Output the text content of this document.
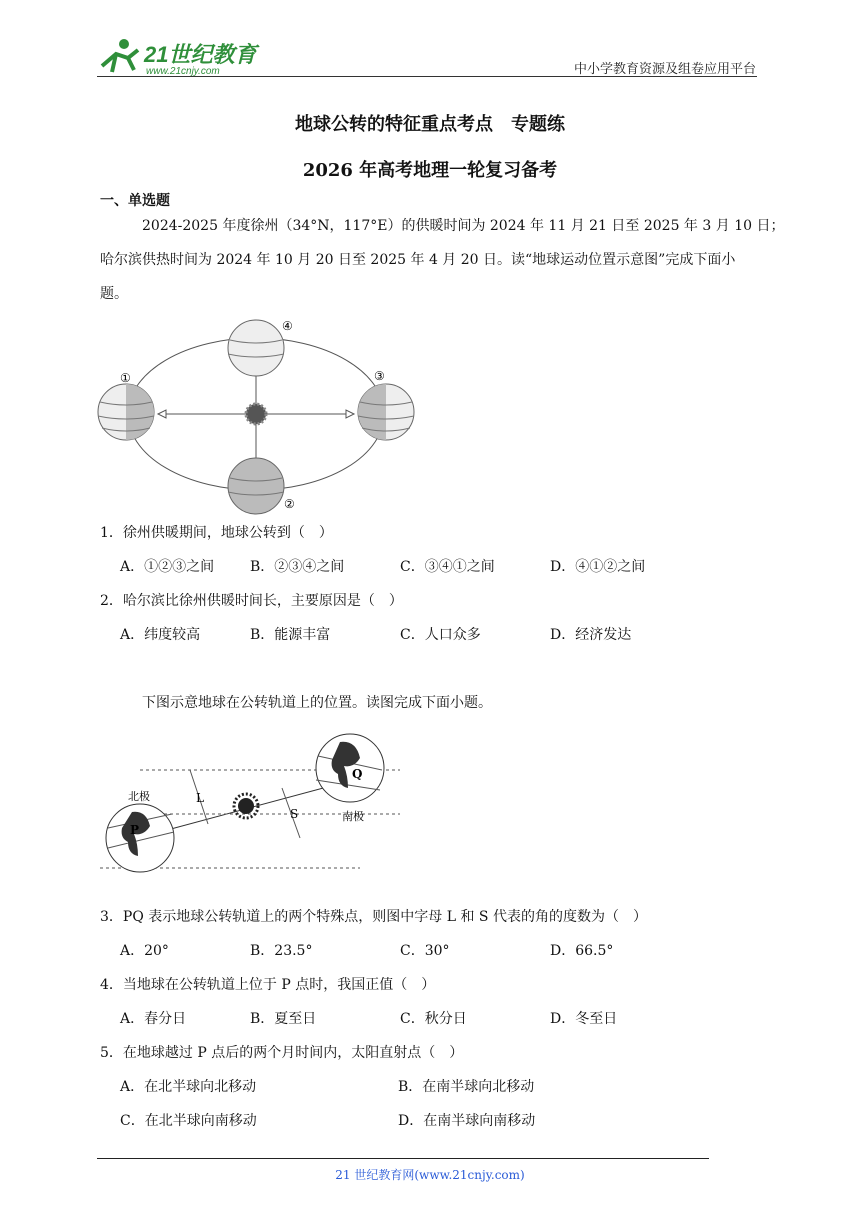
21世纪教育
www.21cnjy.com	中小学教育资源及组卷应用平台
地球公转的特征重点考点　专题练
2026 年高考地理一轮复习备考
一、单选题
2024-2025 年度徐州（34°N，117°E）的供暖时间为 2024 年 11 月 21 日至 2025 年 3 月 10 日；
哈尔滨供热时间为 2024 年 10 月 20 日至 2025 年 4 月 20 日。读“地球运动位置示意图”完成下面小
题。
①
②
③
④
1．徐州供暖期间，地球公转到（　）
A．①②③之间	B．②③④之间	C．③④①之间	D．④①②之间
2．哈尔滨比徐州供暖时间长，主要原因是（　）
A．纬度较高	B．能源丰富	C．人口众多	D．经济发达
下图示意地球在公转轨道上的位置。读图完成下面小题。
北极
南极
L
S
P
Q
3．PQ 表示地球公转轨道上的两个特殊点，则图中字母 L 和 S 代表的角的度数为（　）
A．20°	B．23.5°	C．30°	D．66.5°
4．当地球在公转轨道上位于 P 点时，我国正值（　）
A．春分日	B．夏至日	C．秋分日	D．冬至日
5．在地球越过 P 点后的两个月时间内，太阳直射点（　）
A．在北半球向北移动	B．在南半球向北移动
C．在北半球向南移动	D．在南半球向南移动
21 世纪教育网(www.21cnjy.com)
